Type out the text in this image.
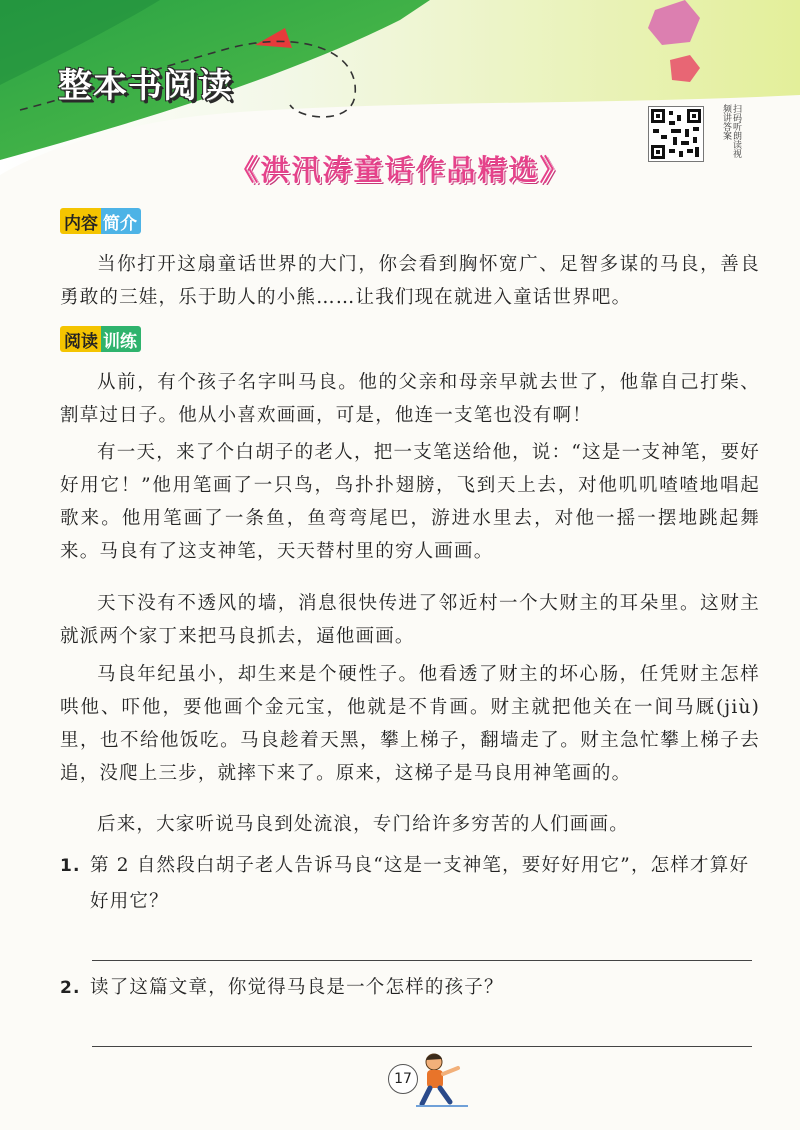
整本书阅读
扫码听朗读视频讲答案
《洪汛涛童话作品精选》
内容 简介

当你打开这扇童话世界的大门，你会看到胸怀宽广、足智多谋的马良，善良勇敢的三娃，乐于助人的小熊……让我们现在就进入童话世界吧。

阅读 训练

从前，有个孩子名字叫马良。他的父亲和母亲早就去世了，他靠自己打柴、割草过日子。他从小喜欢画画，可是，他连一支笔也没有啊！

有一天，来了个白胡子的老人，把一支笔送给他，说：“这是一支神笔，要好好用它！”他用笔画了一只鸟，鸟扑扑翅膀，飞到天上去，对他叽叽喳喳地唱起歌来。他用笔画了一条鱼，鱼弯弯尾巴，游进水里去，对他一摇一摆地跳起舞来。马良有了这支神笔，天天替村里的穷人画画。

天下没有不透风的墙，消息很快传进了邻近村一个大财主的耳朵里。这财主就派两个家丁来把马良抓去，逼他画画。

马良年纪虽小，却生来是个硬性子。他看透了财主的坏心肠，任凭财主怎样哄他、吓他，要他画个金元宝，他就是不肯画。财主就把他关在一间马厩(jiù)里，也不给他饭吃。马良趁着天黑，攀上梯子，翻墙走了。财主急忙攀上梯子去追，没爬上三步，就摔下来了。原来，这梯子是马良用神笔画的。

后来，大家听说马良到处流浪，专门给许多穷苦的人们画画。

1. 第 2 自然段白胡子老人告诉马良“这是一支神笔，要好好用它”，怎样才算好好用它？
2. 读了这篇文章，你觉得马良是一个怎样的孩子？
17
